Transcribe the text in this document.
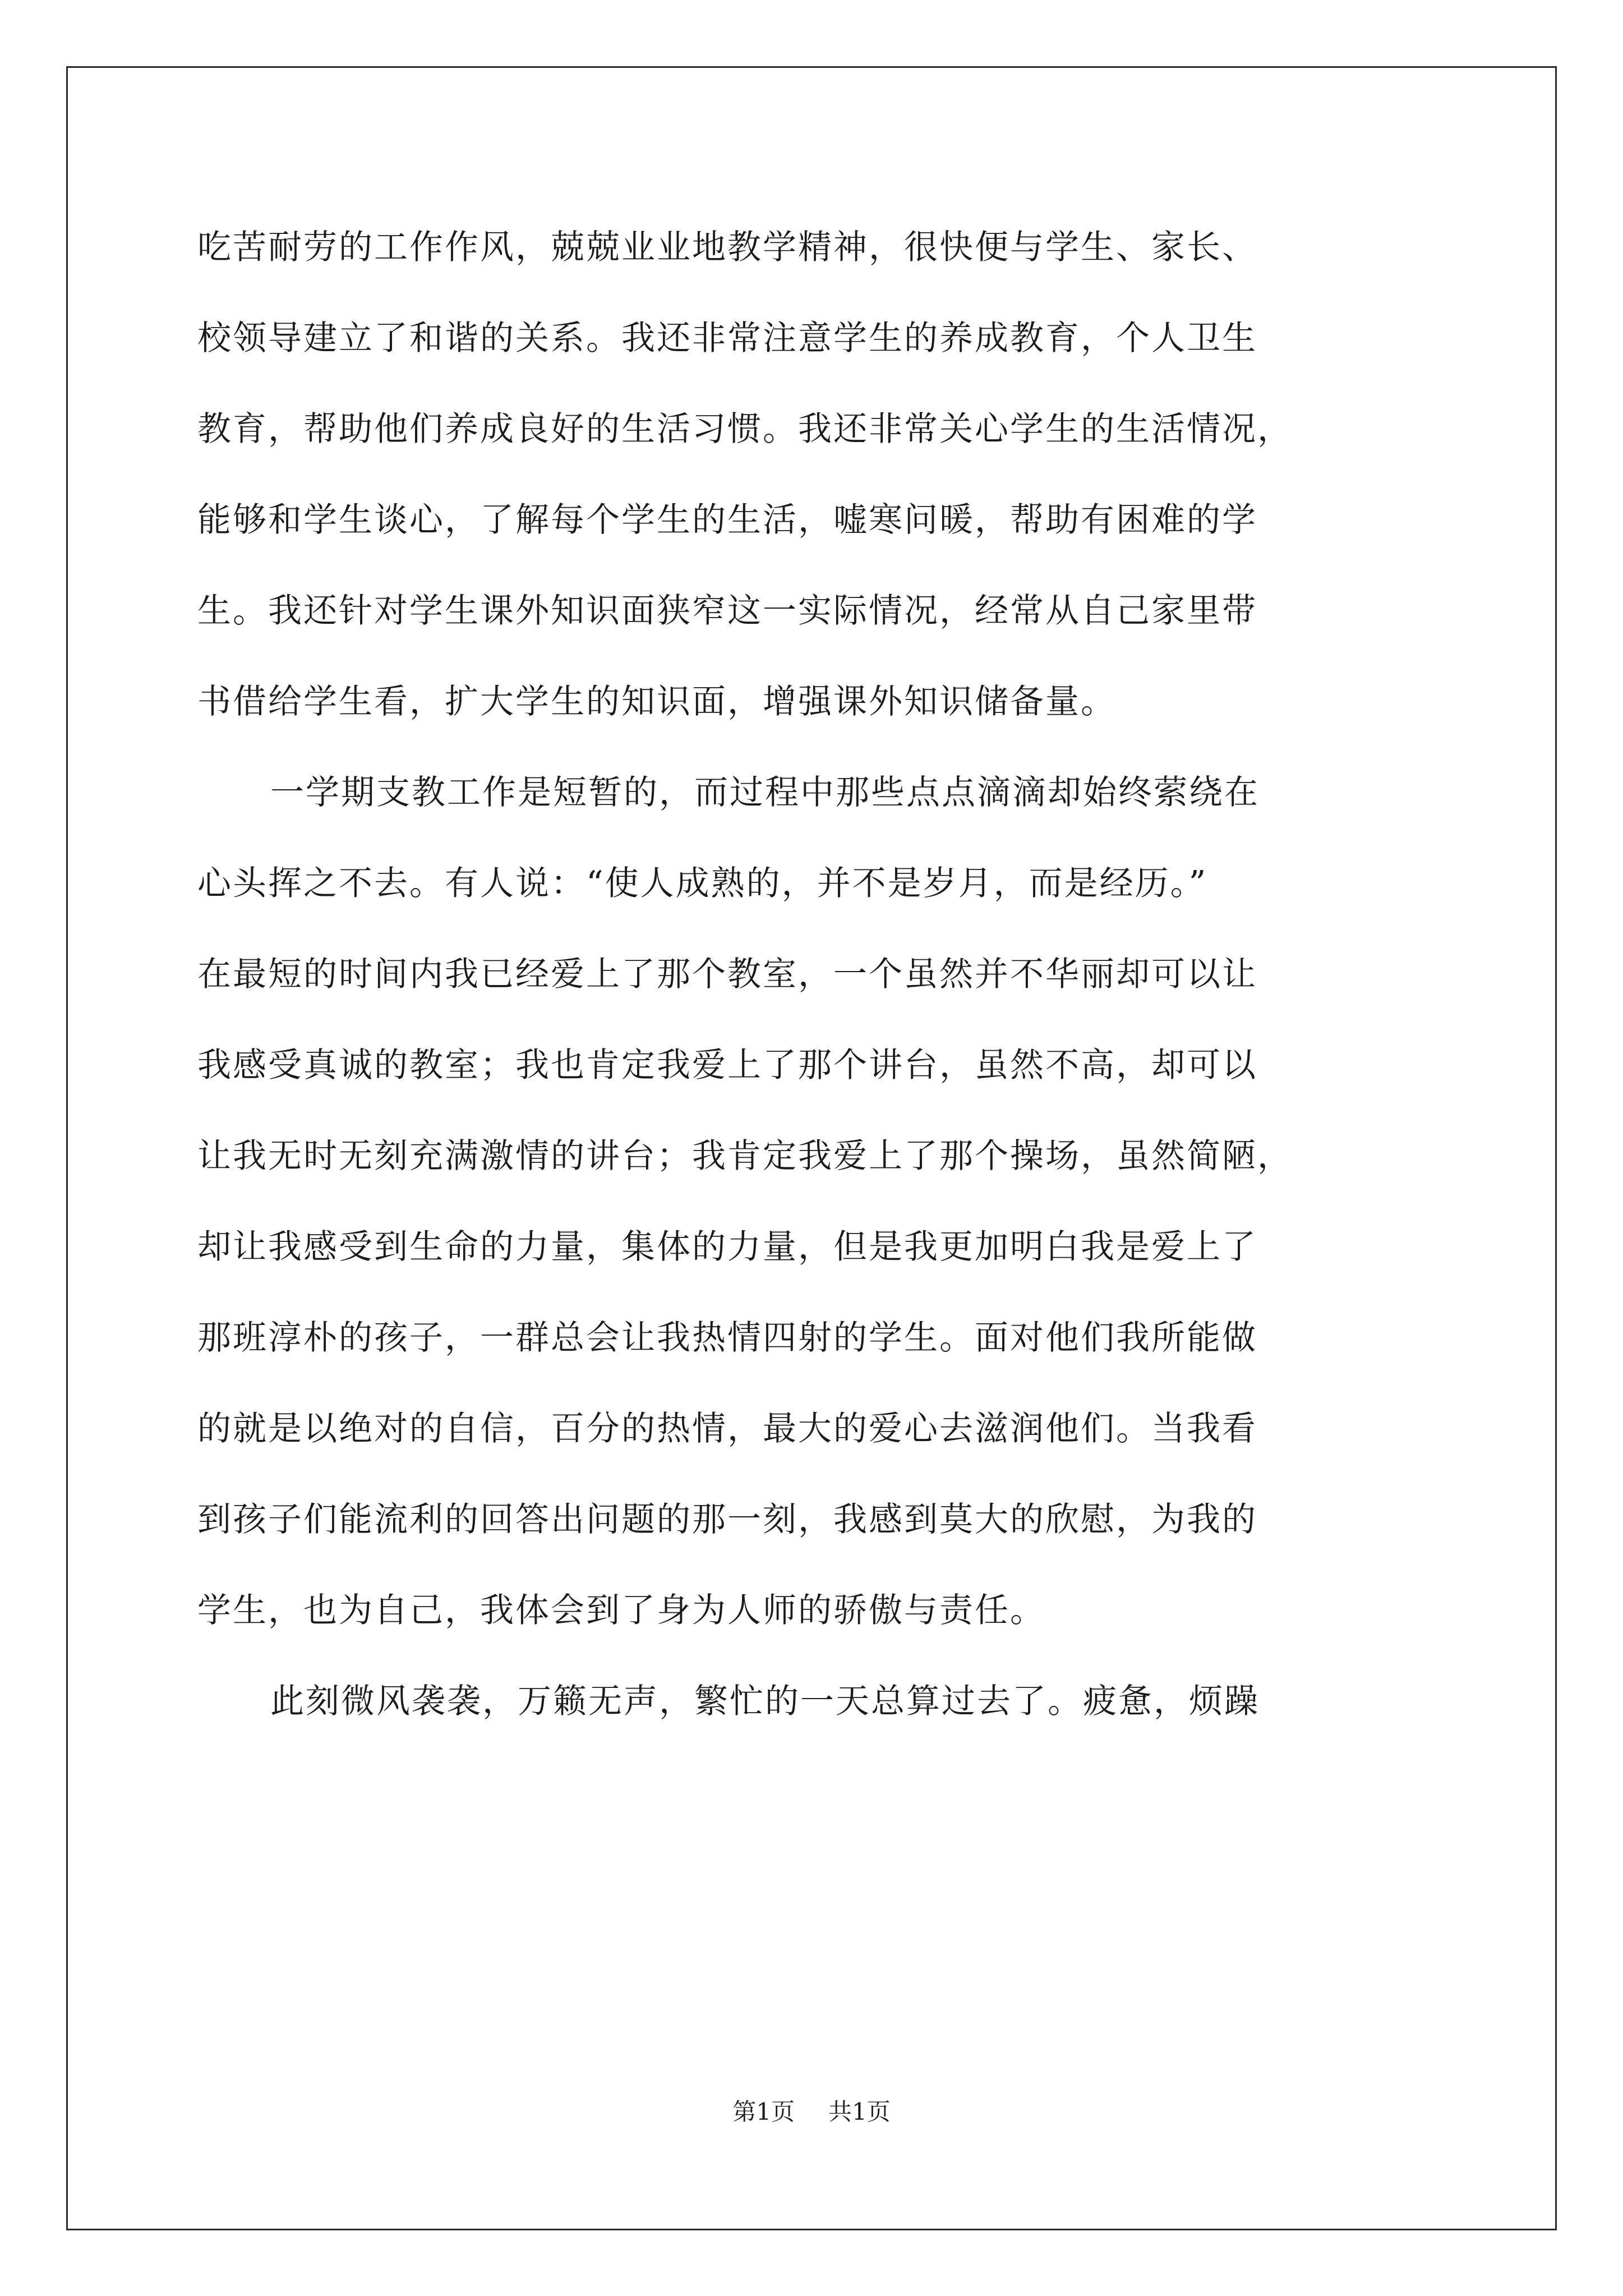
吃苦耐劳的工作作风，兢兢业业地教学精神，很快便与学生、家长、
校领导建立了和谐的关系。我还非常注意学生的养成教育，个人卫生
教育，帮助他们养成良好的生活习惯。我还非常关心学生的生活情况，
能够和学生谈心，了解每个学生的生活，嘘寒问暖，帮助有困难的学
生。我还针对学生课外知识面狭窄这一实际情况，经常从自己家里带
书借给学生看，扩大学生的知识面，增强课外知识储备量。
一学期支教工作是短暂的，而过程中那些点点滴滴却始终萦绕在
心头挥之不去。有人说：“使人成熟的，并不是岁月，而是经历。”
在最短的时间内我已经爱上了那个教室，一个虽然并不华丽却可以让
我感受真诚的教室；我也肯定我爱上了那个讲台，虽然不高，却可以
让我无时无刻充满激情的讲台；我肯定我爱上了那个操场，虽然简陋，
却让我感受到生命的力量，集体的力量，但是我更加明白我是爱上了
那班淳朴的孩子，一群总会让我热情四射的学生。面对他们我所能做
的就是以绝对的自信，百分的热情，最大的爱心去滋润他们。当我看
到孩子们能流利的回答出问题的那一刻，我感到莫大的欣慰，为我的
学生，也为自己，我体会到了身为人师的骄傲与责任。
此刻微风袭袭，万籁无声，繁忙的一天总算过去了。疲惫，烦躁
第1页 共1页
